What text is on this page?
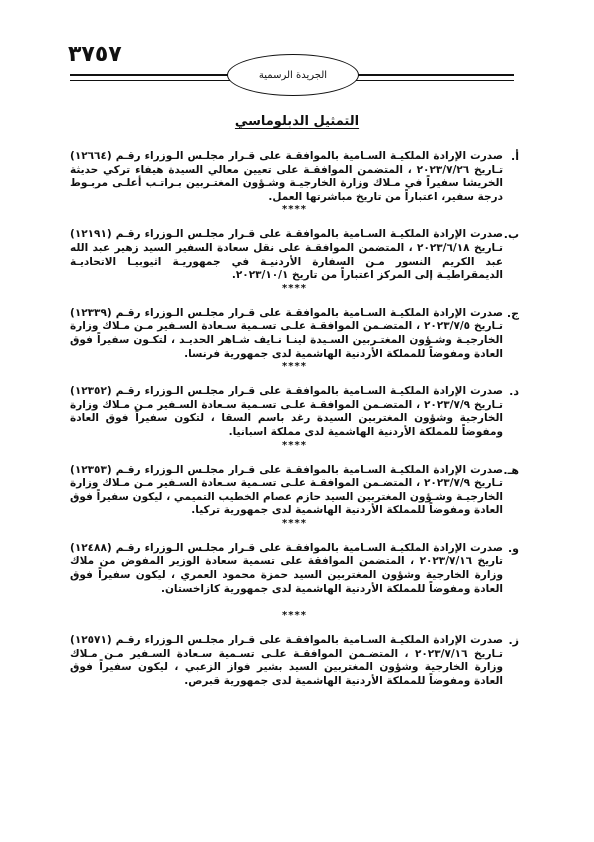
٣٧٥٧
الجريدة الرسمية
التمثيل الدبلوماسي
أ.
صدرت الإرادة الملكيـة السـامية بالموافقـة على قـرار مجلـس الـوزراء رقـم (١٢٦٦٤) تـاريخ ٢٠٢٣/٧/٢٦ ، المتضمن الموافقـة على تعيين معالي السيدة هيفاء تركي حديثة الخريشا سفيراً في مـلاك وزارة الخارجيـة وشـؤون المغتـربين بـراتـب أعلـى مربـوط درجة سفير، اعتباراً من تاريخ مباشرتها العمل.
****
ب.
صدرت الإرادة الملكيـة السـامية بالموافقـة على قـرار مجلـس الـوزراء رقـم (١٢١٩١) تـاريخ ٢٠٢٣/٦/١٨ ، المتضمن الموافقـة على نقل سعادة السفير السيد زهير عبد الله عبد الكريم النسور مـن السفارة الأردنيـة في جمهوريـة اثيوبيـا الاتحاديـة الديمقراطيـة إلى المركز اعتباراً من تاريخ ٢٠٢٣/١٠/١.
****
ج.
صدرت الإرادة الملكيـة السـامية بالموافقـة على قـرار مجلـس الـوزراء رقـم (١٢٣٣٩) تـاريخ ٢٠٢٣/٧/٥ ، المتضـمن الموافقـة علـى تسـمية سـعادة السـفير مـن مـلاك وزارة الخارجيـة وشـؤون المغتـربين السـيدة لينـا نـايف شـاهر الحديـد ، لتكـون سفيراً فوق العادة ومفوضاً للمملكة الأردنية الهاشمية لدى جمهورية فرنسا.
****
د.
صدرت الإرادة الملكيـة السـامية بالموافقـة على قـرار مجلـس الـوزراء رقـم (١٢٣٥٢) تـاريخ ٢٠٢٣/٧/٩ ، المتضـمن الموافقـة علـى تسـمية سـعادة السـفير مـن مـلاك وزارة الخارجية وشؤون المغتربين السيدة رغد باسم السقا ، لتكون سفيراً فوق العادة ومفوضاً للمملكة الأردنية الهاشمية لدى مملكة اسبانيا.
****
هـ.
صدرت الإرادة الملكيـة السـامية بالموافقـة على قـرار مجلـس الـوزراء رقـم (١٢٣٥٣) تـاريخ ٢٠٢٣/٧/٩ ، المتضـمن الموافقـة علـى تسـمية سـعادة السـفير مـن مـلاك وزارة الخارجيـة وشـؤون المغتربين السيد حازم عصام الخطيب التميمي ، ليكون سفيراً فوق العادة ومفوضاً للمملكة الأردنية الهاشمية لدى جمهورية تركيا.
****
و.
صدرت الإرادة الملكيـة السـامية بالموافقـة على قـرار مجلـس الـوزراء رقـم (١٢٤٨٨) تاريخ ٢٠٢٣/٧/١٦ ، المتضمن الموافقة على تسمية سعادة الوزير المفوض من ملاك وزارة الخارجية وشؤون المغتربين السيد حمزة محمود العمري ، ليكون سفيراً فوق العادة ومفوضاً للمملكة الأردنية الهاشمية لدى جمهورية كازاخستان.
****
ز.
صدرت الإرادة الملكيـة السـامية بالموافقـة على قـرار مجلـس الـوزراء رقـم (١٢٥٧١) تـاريخ ٢٠٢٣/٧/١٦ ، المتضـمن الموافقـة علـى تسـمية سـعادة السـفير مـن مـلاك وزارة الخارجية وشؤون المغتربين السيد بشير فواز الزعبي ، ليكون سفيراً فوق العادة ومفوضاً للمملكة الأردنية الهاشمية لدى جمهورية قبرص.
